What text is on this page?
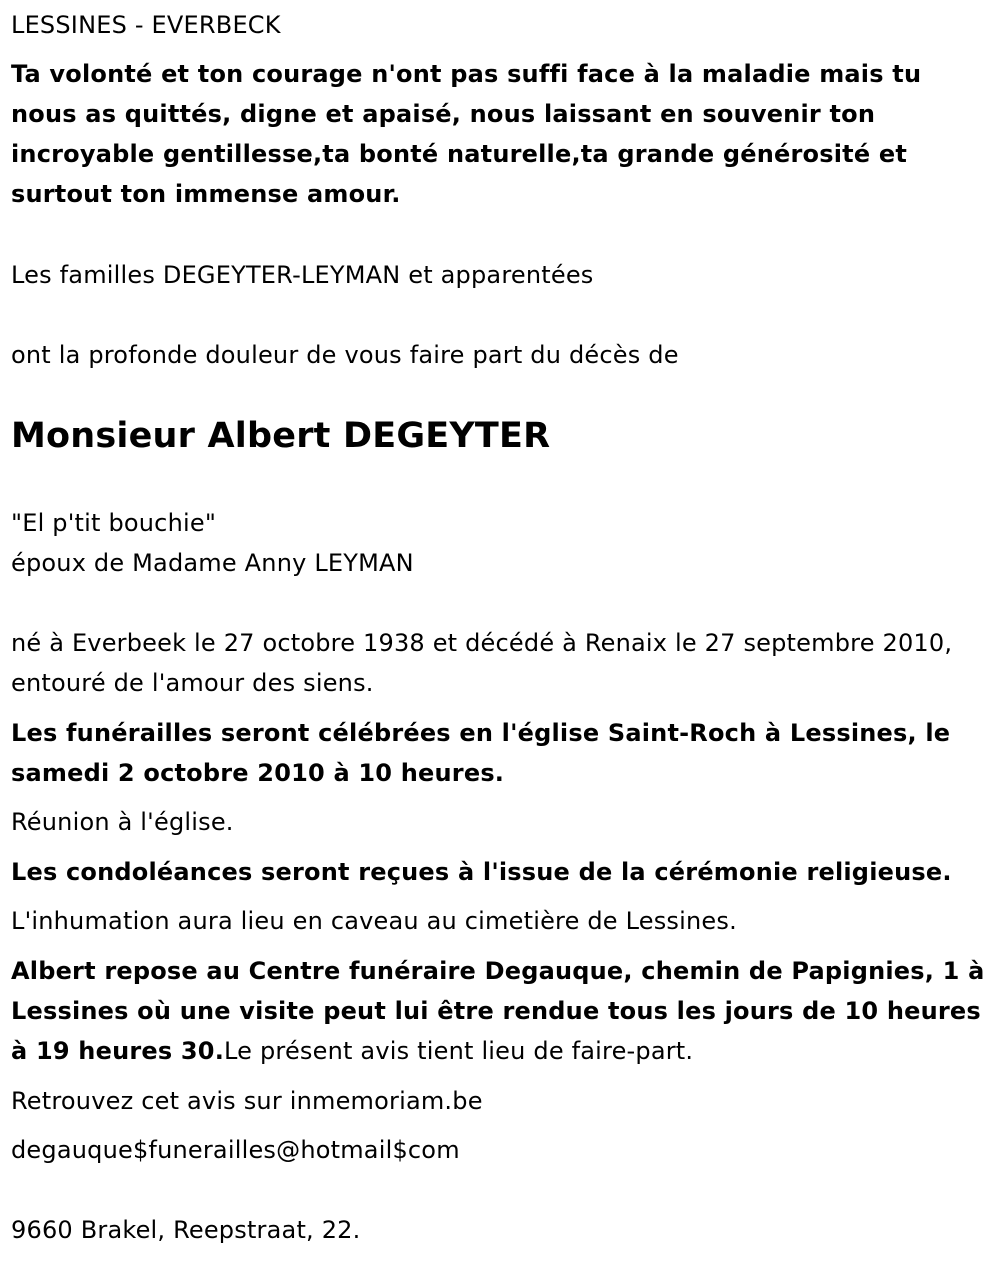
LESSINES - EVERBECK
Ta volonté et ton courage n'ont pas suffi face à la maladie mais tu nous as quittés, digne et apaisé, nous laissant en souvenir ton incroyable gentillesse,ta bonté naturelle,ta grande générosité et surtout ton immense amour.
Les familles DEGEYTER-LEYMAN et apparentées
ont la profonde douleur de vous faire part du décès de
Monsieur Albert DEGEYTER
"El p'tit bouchie"
époux de Madame Anny LEYMAN
né à Everbeek le 27 octobre 1938 et décédé à Renaix le 27 septembre 2010, entouré de l'amour des siens.
Les funérailles seront célébrées en l'église Saint-Roch à Lessines, le samedi 2 octobre 2010 à 10 heures.
Réunion à l'église.
Les condoléances seront reçues à l'issue de la cérémonie religieuse.
L'inhumation aura lieu en caveau au cimetière de Lessines.
Albert repose au Centre funéraire Degauque, chemin de Papignies, 1 à Lessines où une visite peut lui être rendue tous les jours de 10 heures à 19 heures 30.Le présent avis tient lieu de faire-part.
Retrouvez cet avis sur inmemoriam.be
degauque$funerailles@hotmail$com
9660 Brakel, Reepstraat, 22.
